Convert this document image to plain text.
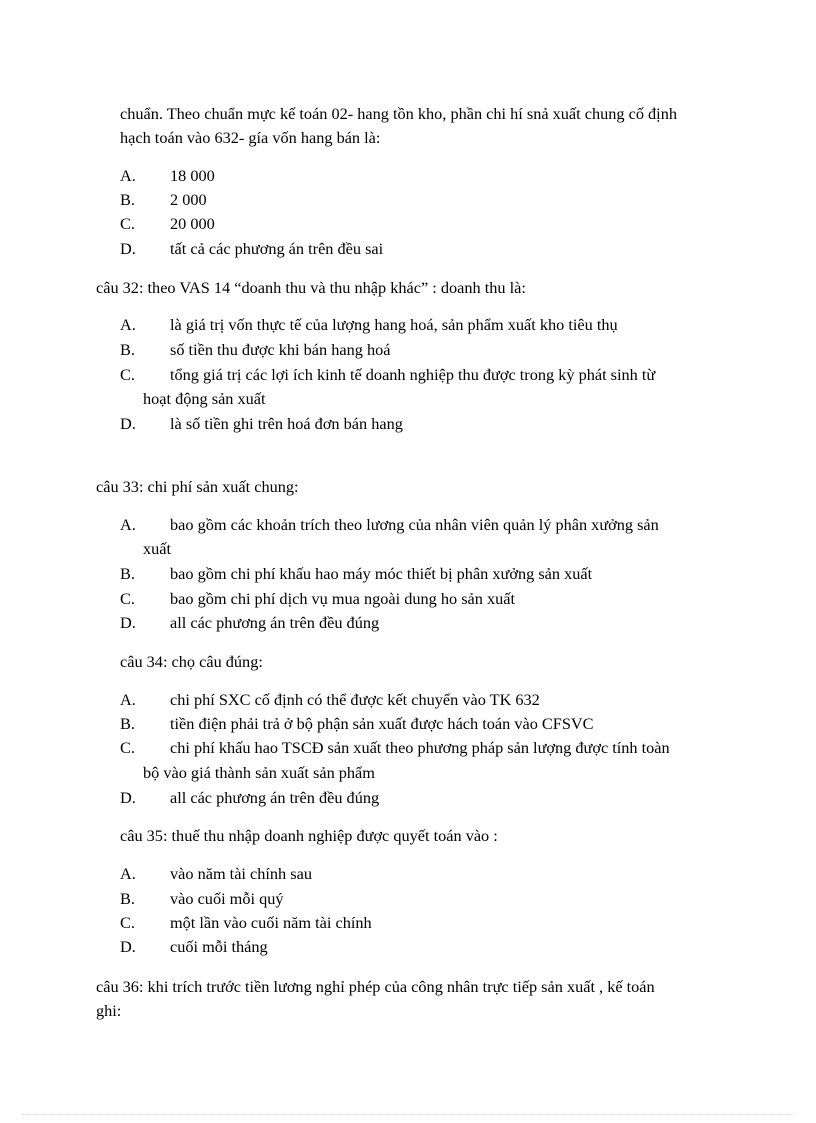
chuẩn. Theo chuẩn mực kế toán 02- hang tồn kho, phần chi hí snả xuất chung cố định
hạch toán vào 632- gía vốn hang bán là:
A. 18 000
B. 2 000
C. 20 000
D. tất cả các phương án trên đều sai
câu 32: theo VAS 14 “doanh thu và thu nhập khác” : doanh thu là:
A. là giá trị vốn thực tế của lượng hang hoá, sản phẩm xuất kho tiêu thụ
B. số tiền thu được khi bán hang hoá
C. tổng giá trị các lợi ích kinh tế doanh nghiệp thu được trong kỳ phát sinh từ
hoạt động sản xuất
D. là số tiền ghi trên hoá đơn bán hang
câu 33: chi phí sản xuất chung:
A. bao gồm các khoản trích theo lương của nhân viên quản lý phân xưởng sản
xuất
B. bao gồm chi phí khấu hao máy móc thiết bị phân xưởng sản xuất
C. bao gồm chi phí dịch vụ mua ngoài dung ho sản xuất
D. all các phương án trên đều đúng
câu 34: chọ câu đúng:
A. chi phí SXC cố định có thể được kết chuyển vào TK 632
B. tiền điện phải trả ở bộ phận sản xuất được hách toán vào CFSVC
C. chi phí khấu hao TSCĐ sản xuất theo phương pháp sản lượng được tính toàn
bộ vào giá thành sản xuất sản phẩm
D. all các phương án trên đều đúng
câu 35: thuế thu nhập doanh nghiệp được quyết toán vào :
A. vào năm tài chính sau
B. vào cuối mỗi quý
C. một lần vào cuối năm tài chính
D. cuối mỗi tháng
câu 36: khi trích trước tiền lương nghỉ phép của công nhân trực tiếp sản xuất , kế toán
ghi:
